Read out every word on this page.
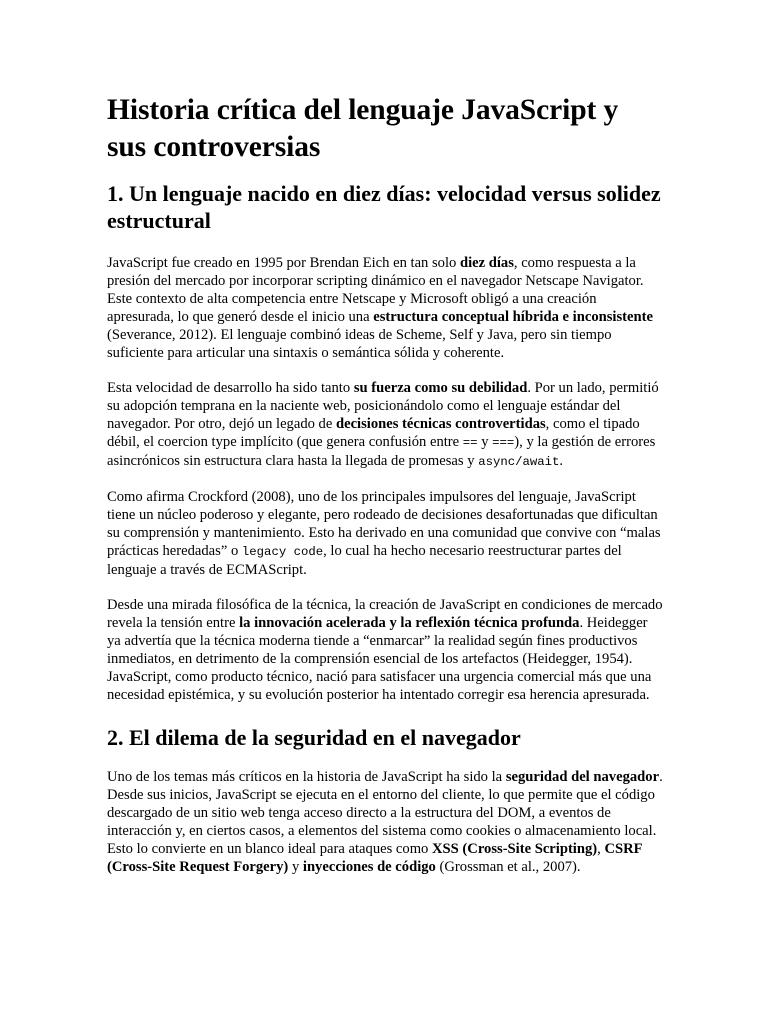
Historia crítica del lenguaje JavaScript y sus controversias
1. Un lenguaje nacido en diez días: velocidad versus solidez estructural

JavaScript fue creado en 1995 por Brendan Eich en tan solo diez días, como respuesta a la presión del mercado por incorporar scripting dinámico en el navegador Netscape Navigator. Este contexto de alta competencia entre Netscape y Microsoft obligó a una creación apresurada, lo que generó desde el inicio una estructura conceptual híbrida e inconsistente (Severance, 2012). El lenguaje combinó ideas de Scheme, Self y Java, pero sin tiempo suficiente para articular una sintaxis o semántica sólida y coherente.

Esta velocidad de desarrollo ha sido tanto su fuerza como su debilidad. Por un lado, permitió su adopción temprana en la naciente web, posicionándolo como el lenguaje estándar del navegador. Por otro, dejó un legado de decisiones técnicas controvertidas, como el tipado débil, el coercion type implícito (que genera confusión entre == y ===), y la gestión de errores asincrónicos sin estructura clara hasta la llegada de promesas y async/await.

Como afirma Crockford (2008), uno de los principales impulsores del lenguaje, JavaScript tiene un núcleo poderoso y elegante, pero rodeado de decisiones desafortunadas que dificultan su comprensión y mantenimiento. Esto ha derivado en una comunidad que convive con “malas prácticas heredadas” o legacy code, lo cual ha hecho necesario reestructurar partes del lenguaje a través de ECMAScript.

Desde una mirada filosófica de la técnica, la creación de JavaScript en condiciones de mercado revela la tensión entre la innovación acelerada y la reflexión técnica profunda. Heidegger ya advertía que la técnica moderna tiende a “enmarcar” la realidad según fines productivos inmediatos, en detrimento de la comprensión esencial de los artefactos (Heidegger, 1954). JavaScript, como producto técnico, nació para satisfacer una urgencia comercial más que una necesidad epistémica, y su evolución posterior ha intentado corregir esa herencia apresurada.

2. El dilema de la seguridad en el navegador

Uno de los temas más críticos en la historia de JavaScript ha sido la seguridad del navegador. Desde sus inicios, JavaScript se ejecuta en el entorno del cliente, lo que permite que el código descargado de un sitio web tenga acceso directo a la estructura del DOM, a eventos de interacción y, en ciertos casos, a elementos del sistema como cookies o almacenamiento local. Esto lo convierte en un blanco ideal para ataques como XSS (Cross-Site Scripting), CSRF (Cross-Site Request Forgery) y inyecciones de código (Grossman et al., 2007).
